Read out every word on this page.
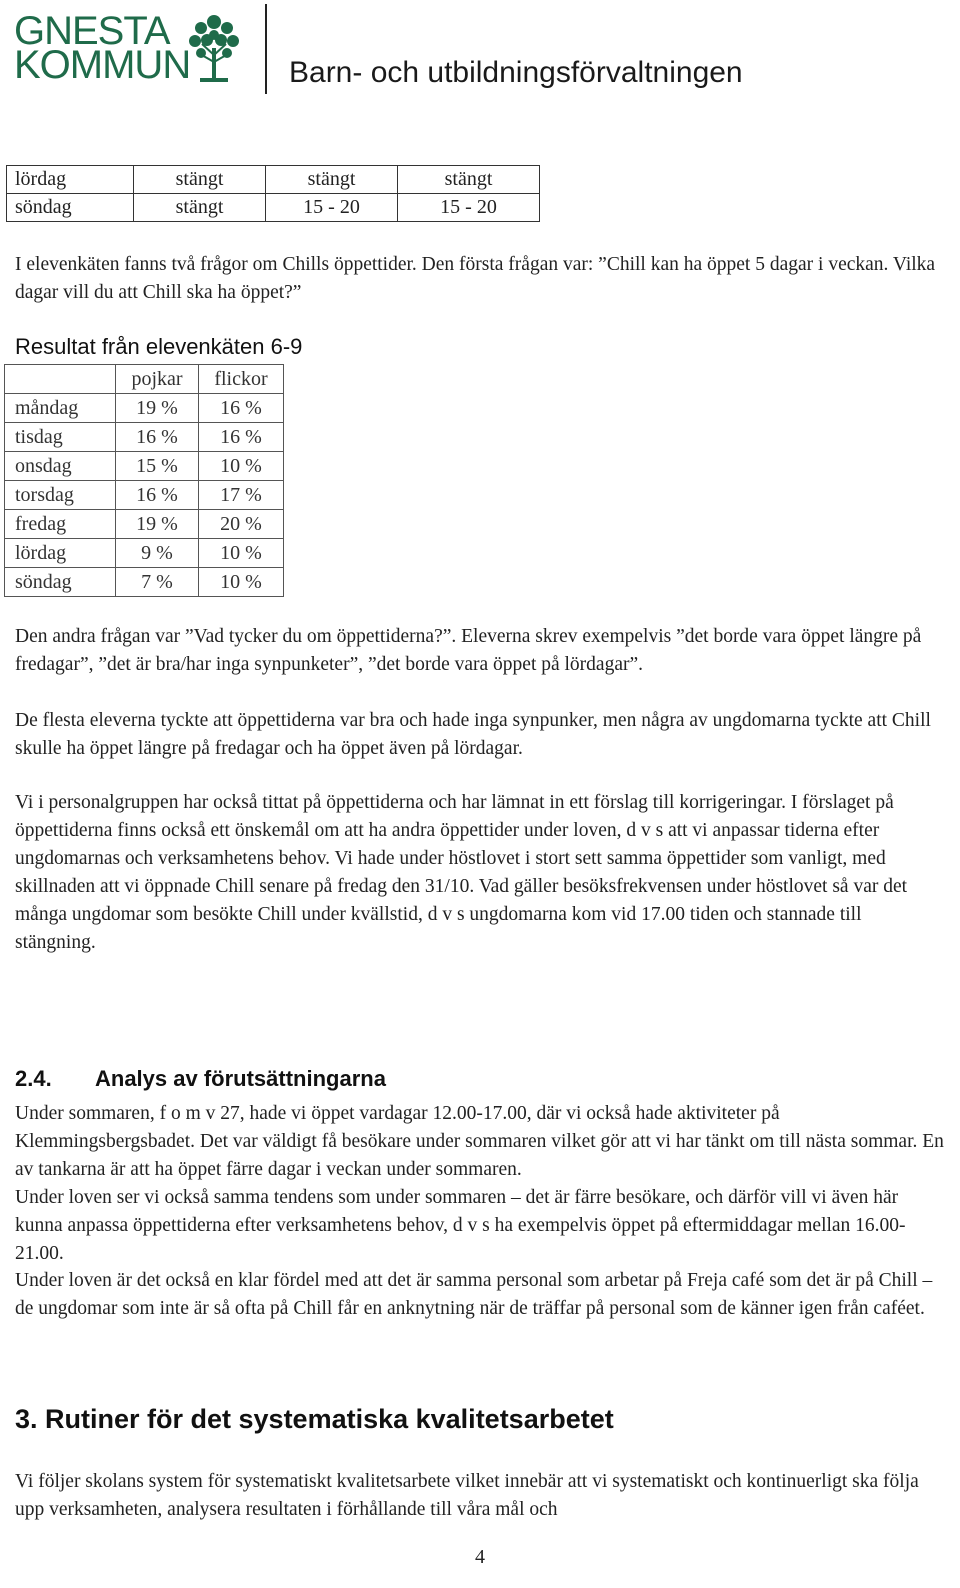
GNESTA
KOMMUN	Barn- och utbildningsförvaltningen
lördag	stängt	stängt	stängt
söndag	stängt	15 - 20	15 - 20
I elevenkäten fanns två frågor om Chills öppettider. Den första frågan var: ”Chill kan ha öppet 5 dagar i veckan. Vilka dagar vill du att Chill ska ha öppet?”
Resultat från elevenkäten 6-9
	pojkar	flickor
måndag	19 %	16 %
tisdag	16 %	16 %
onsdag	15 %	10 %
torsdag	16 %	17 %
fredag	19 %	20 %
lördag	9 %	10 %
söndag	7 %	10 %
Den andra frågan var ”Vad tycker du om öppettiderna?”. Eleverna skrev exempelvis ”det borde vara öppet längre på fredagar”, ”det är bra/har inga synpunketer”, ”det borde vara öppet på lördagar”.
De flesta eleverna tyckte att öppettiderna var bra och hade inga synpunker, men några av ungdomarna tyckte att Chill skulle ha öppet längre på fredagar och ha öppet även på lördagar.
Vi i personalgruppen har också tittat på öppettiderna och har lämnat in ett förslag till korrigeringar. I förslaget på öppettiderna finns också ett önskemål om att ha andra öppettider under loven, d v s att vi anpassar tiderna efter ungdomarnas och verksamhetens behov. Vi hade under höstlovet i stort sett samma öppettider som vanligt, med skillnaden att vi öppnade Chill senare på fredag den 31/10. Vad gäller besöksfrekvensen under höstlovet så var det många ungdomar som besökte Chill under kvällstid, d v s ungdomarna kom vid 17.00 tiden och stannade till stängning.
2.4. Analys av förutsättningarna
Under sommaren, f o m v 27, hade vi öppet vardagar 12.00-17.00, där vi också hade aktiviteter på Klemmingsbergsbadet. Det var väldigt få besökare under sommaren vilket gör att vi har tänkt om till nästa sommar. En av tankarna är att ha öppet färre dagar i veckan under sommaren.
Under loven ser vi också samma tendens som under sommaren – det är färre besökare, och därför vill vi även här kunna anpassa öppettiderna efter verksamhetens behov, d v s ha exempelvis öppet på eftermiddagar mellan 16.00-21.00.
Under loven är det också en klar fördel med att det är samma personal som arbetar på Freja café som det är på Chill – de ungdomar som inte är så ofta på Chill får en anknytning när de träffar på personal som de känner igen från caféet.
3. Rutiner för det systematiska kvalitetsarbetet
Vi följer skolans system för systematiskt kvalitetsarbete vilket innebär att vi systematiskt och kontinuerligt ska följa upp verksamheten, analysera resultaten i förhållande till våra mål och
4
